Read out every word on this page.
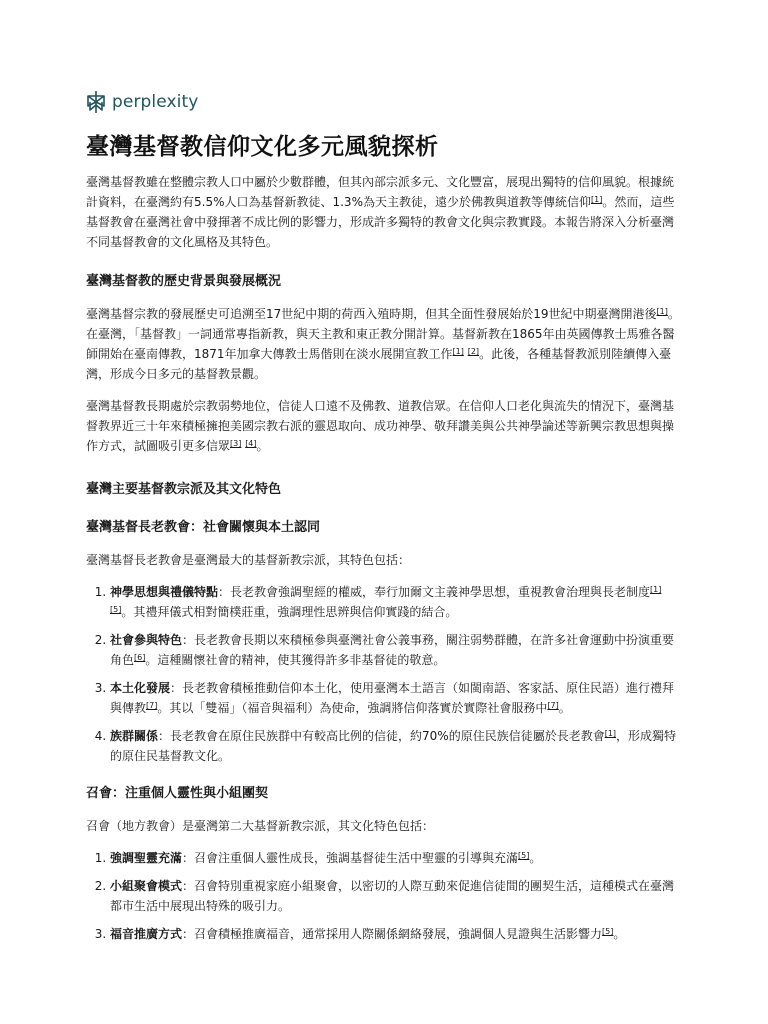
perplexity
臺灣基督教信仰文化多元風貌探析

臺灣基督教雖在整體宗教人口中屬於少數群體，但其內部宗派多元、文化豐富，展現出獨特的信仰風貌。根據統計資料，在臺灣約有5.5%人口為基督新教徒、1.3%為天主教徒，遠少於佛教與道教等傳統信仰[1]。然而，這些基督教會在臺灣社會中發揮著不成比例的影響力，形成許多獨特的教會文化與宗教實踐。本報告將深入分析臺灣不同基督教會的文化風格及其特色。

臺灣基督教的歷史背景與發展概況

臺灣基督宗教的發展歷史可追溯至17世紀中期的荷西入殖時期，但其全面性發展始於19世紀中期臺灣開港後[1]。在臺灣，「基督教」一詞通常專指新教，與天主教和東正教分開計算。基督新教在1865年由英國傳教士馬雅各醫師開始在臺南傳教，1871年加拿大傳教士馬偕則在淡水展開宣教工作[1] [2]。此後，各種基督教派別陸續傳入臺灣，形成今日多元的基督教景觀。

臺灣基督教長期處於宗教弱勢地位，信徒人口遠不及佛教、道教信眾。在信仰人口老化與流失的情況下，臺灣基督教界近三十年來積極擁抱美國宗教右派的靈恩取向、成功神學、敬拜讚美與公共神學論述等新興宗教思想與操作方式，試圖吸引更多信眾[3] [4]。

臺灣主要基督教宗派及其文化特色
臺灣基督長老教會：社會關懷與本土認同

臺灣基督長老教會是臺灣最大的基督新教宗派，其特色包括：

1. 神學思想與禮儀特點：長老教會強調聖經的權威，奉行加爾文主義神學思想，重視教會治理與長老制度[1] [5]。其禮拜儀式相對簡樸莊重，強調理性思辨與信仰實踐的結合。
2. 社會參與特色：長老教會長期以來積極參與臺灣社會公義事務，關注弱勢群體，在許多社會運動中扮演重要角色[6]。這種關懷社會的精神，使其獲得許多非基督徒的敬意。
3. 本土化發展：長老教會積極推動信仰本土化，使用臺灣本土語言（如閩南語、客家話、原住民語）進行禮拜與傳教[7]。其以「雙福」（福音與福利）為使命，強調將信仰落實於實際社會服務中[7]。
4. 族群關係：長老教會在原住民族群中有較高比例的信徒，約70%的原住民族信徒屬於長老教會[1]，形成獨特的原住民基督教文化。
召會：注重個人靈性與小組團契

召會（地方教會）是臺灣第二大基督新教宗派，其文化特色包括：

1. 強調聖靈充滿：召會注重個人靈性成長，強調基督徒生活中聖靈的引導與充滿[5]。
2. 小組聚會模式：召會特別重視家庭小組聚會，以密切的人際互動來促進信徒間的團契生活，這種模式在臺灣都市生活中展現出特殊的吸引力。
3. 福音推廣方式：召會積極推廣福音，通常採用人際關係網絡發展，強調個人見證與生活影響力[5]。
